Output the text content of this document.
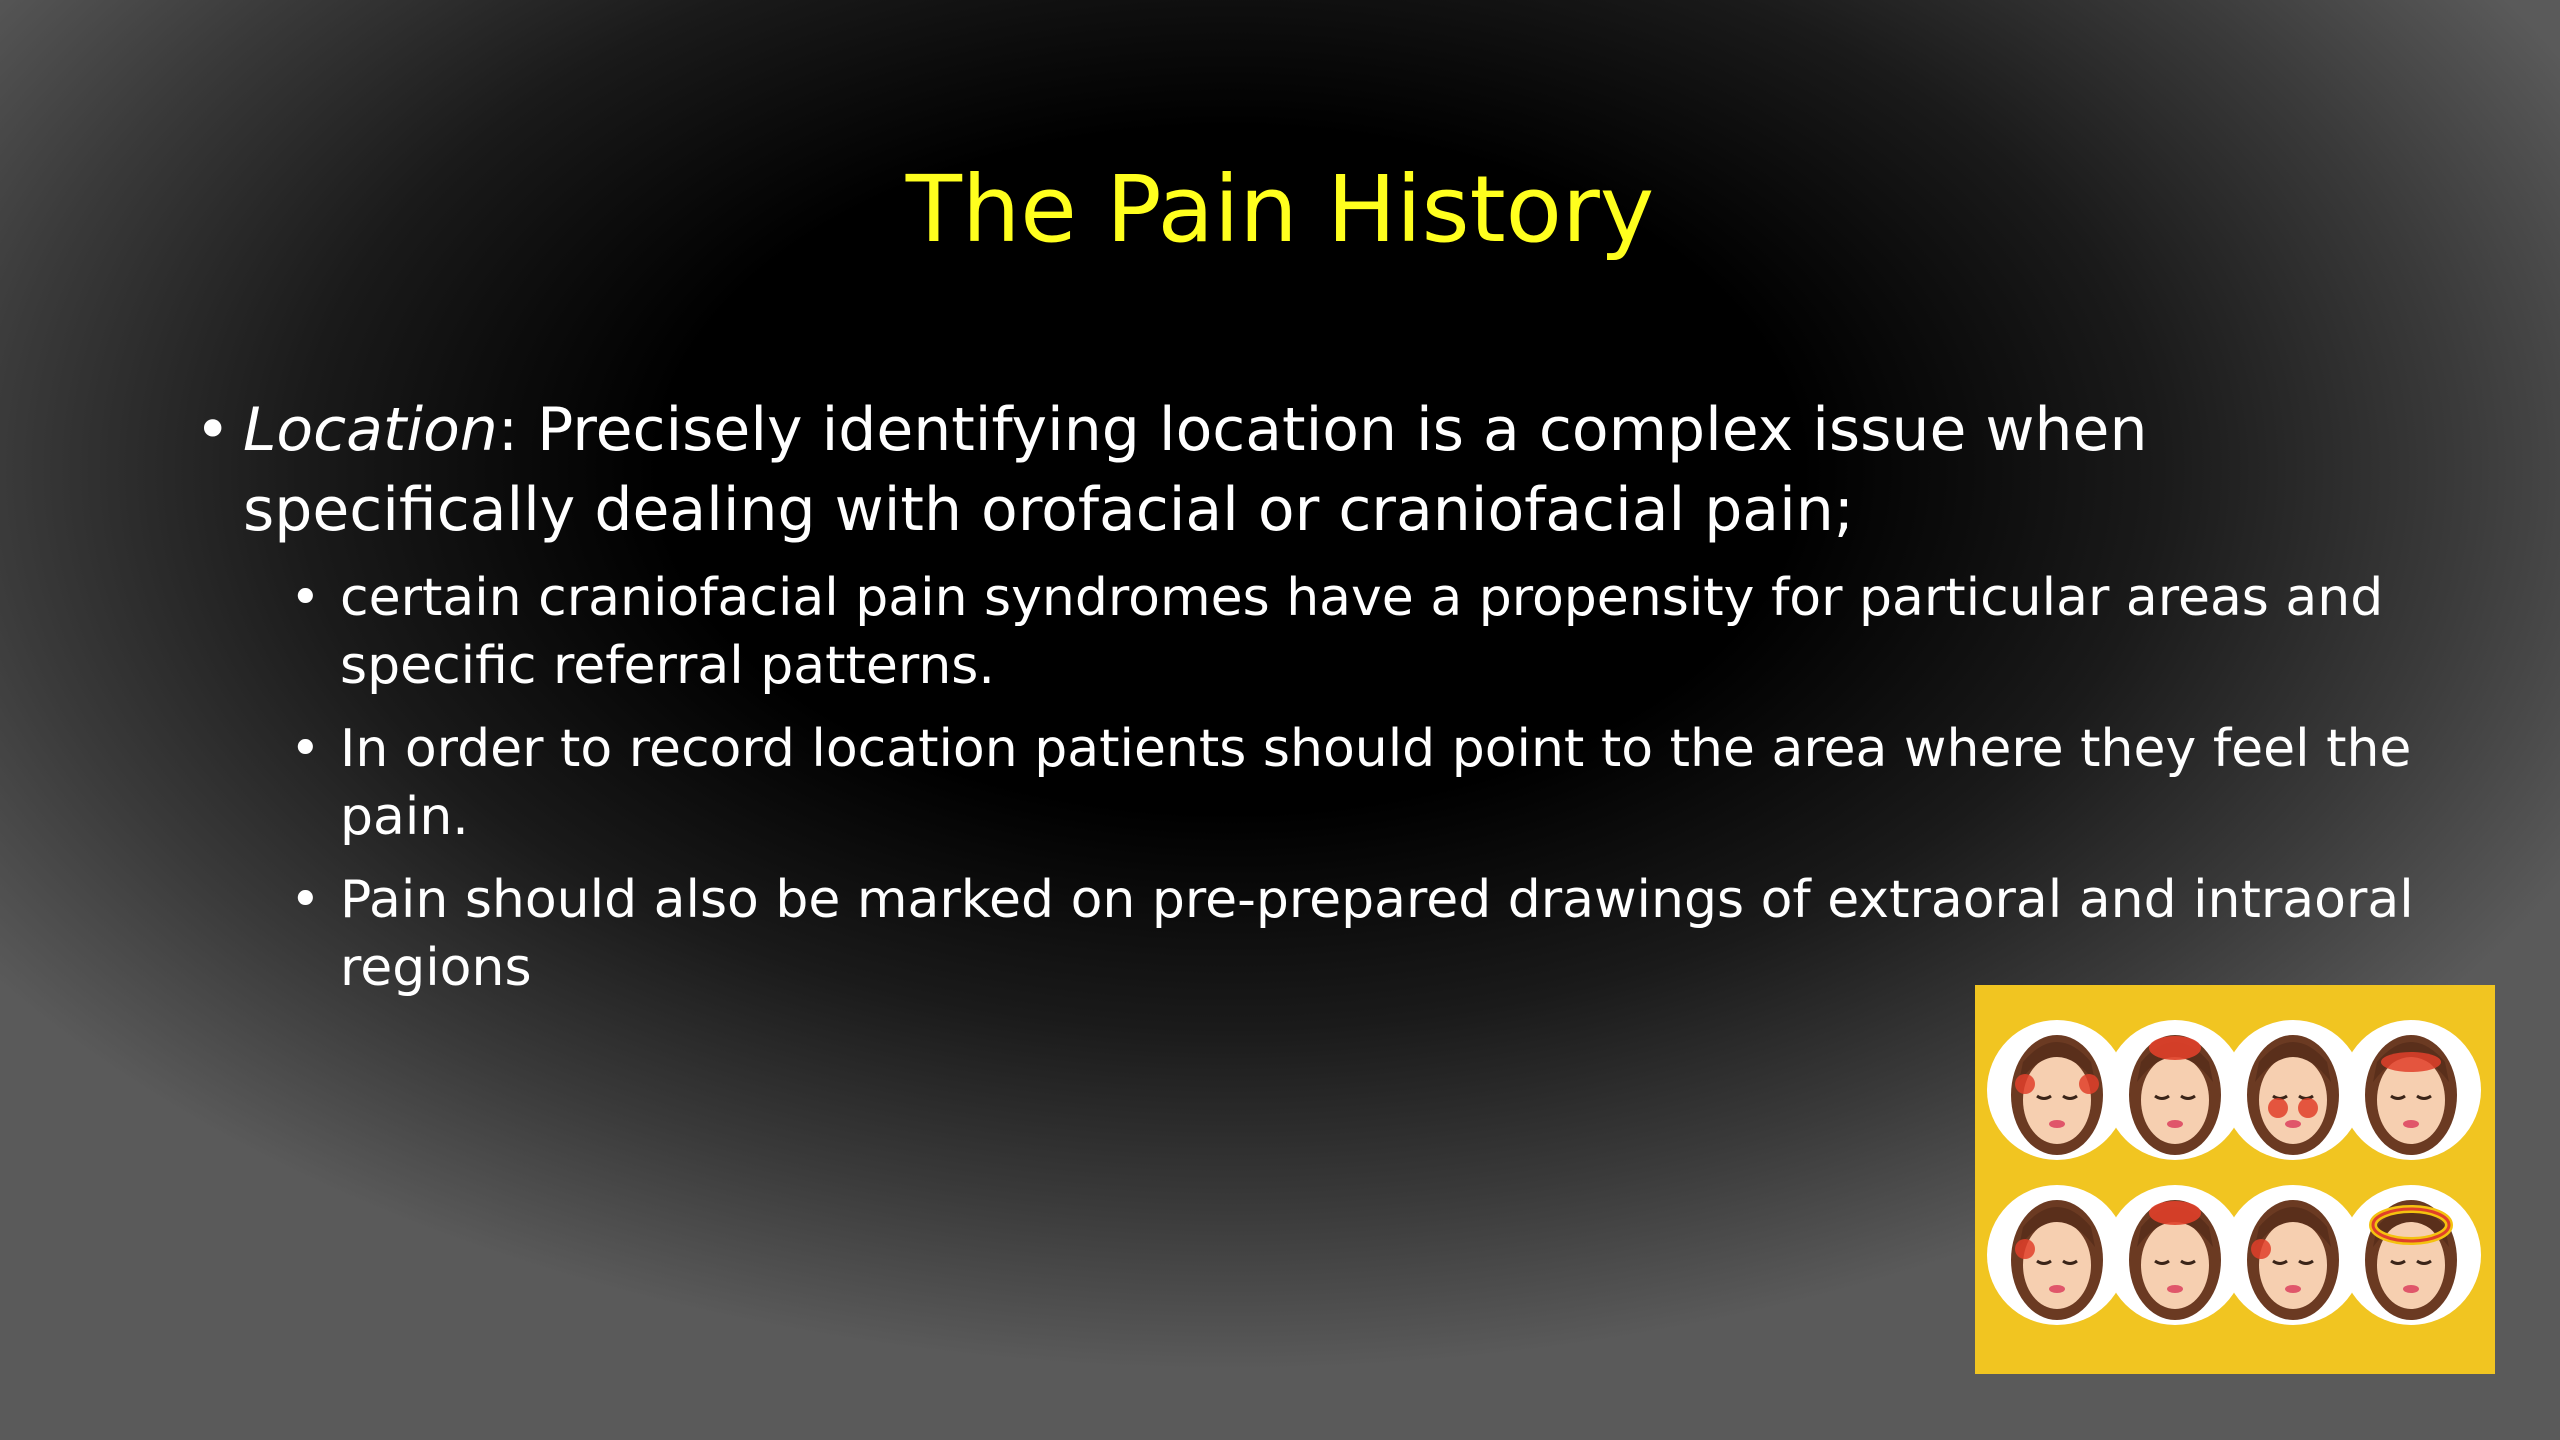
The Pain History
• Location: Precisely identifying location is a complex issue when specifically dealing with orofacial or craniofacial pain;
• certain craniofacial pain syndromes have a propensity for particular areas and specific referral patterns.
• In order to record location patients should point to the area where they feel the pain.
• Pain should also be marked on pre-prepared drawings of extraoral and intraoral regions
